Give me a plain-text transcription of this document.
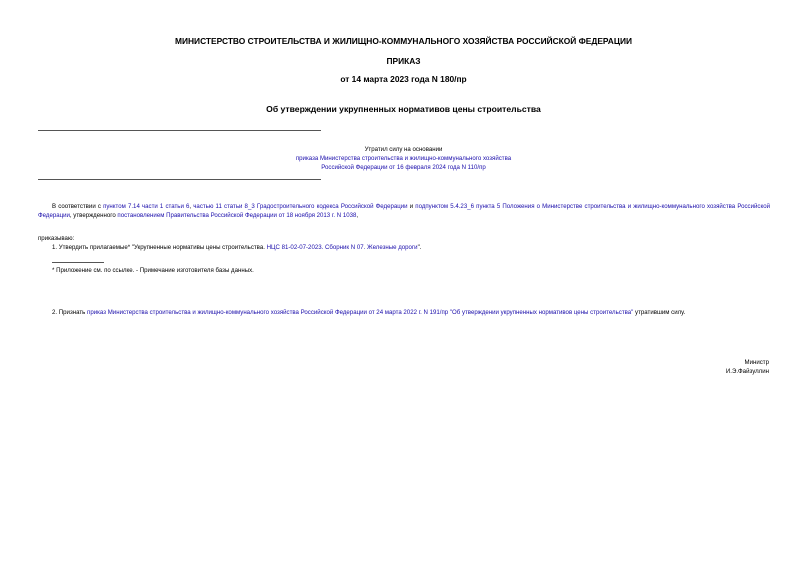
МИНИСТЕРСТВО СТРОИТЕЛЬСТВА И ЖИЛИЩНО-КОММУНАЛЬНОГО ХОЗЯЙСТВА РОССИЙСКОЙ ФЕДЕРАЦИИ
ПРИКАЗ
от 14 марта 2023 года N 180/пр
Об утверждении укрупненных нормативов цены строительства
Утратил силу на основании
приказа Министерства строительства и жилищно-коммунального хозяйства
Российской Федерации от 16 февраля 2024 года N 110/пр
В соответствии с пунктом 7.14 части 1 статьи 6, частью 11 статьи 8_3 Градостроительного кодекса Российской Федерации и подпунктом 5.4.23_6 пункта 5 Положения о Министерстве строительства и жилищно-коммунального хозяйства Российской Федерации, утвержденного постановлением Правительства Российской Федерации от 18 ноября 2013 г. N 1038,
приказываю:
1. Утвердить прилагаемые* "Укрупненные нормативы цены строительства. НЦС 81-02-07-2023. Сборник N 07. Железные дороги".
* Приложение см. по ссылке. - Примечание изготовителя базы данных.
2. Признать приказ Министерства строительства и жилищно-коммунального хозяйства Российской Федерации от 24 марта 2022 г. N 191/пр "Об утверждении укрупненных нормативов цены строительства" утратившим силу.
Министр
И.Э.Файзуллин
